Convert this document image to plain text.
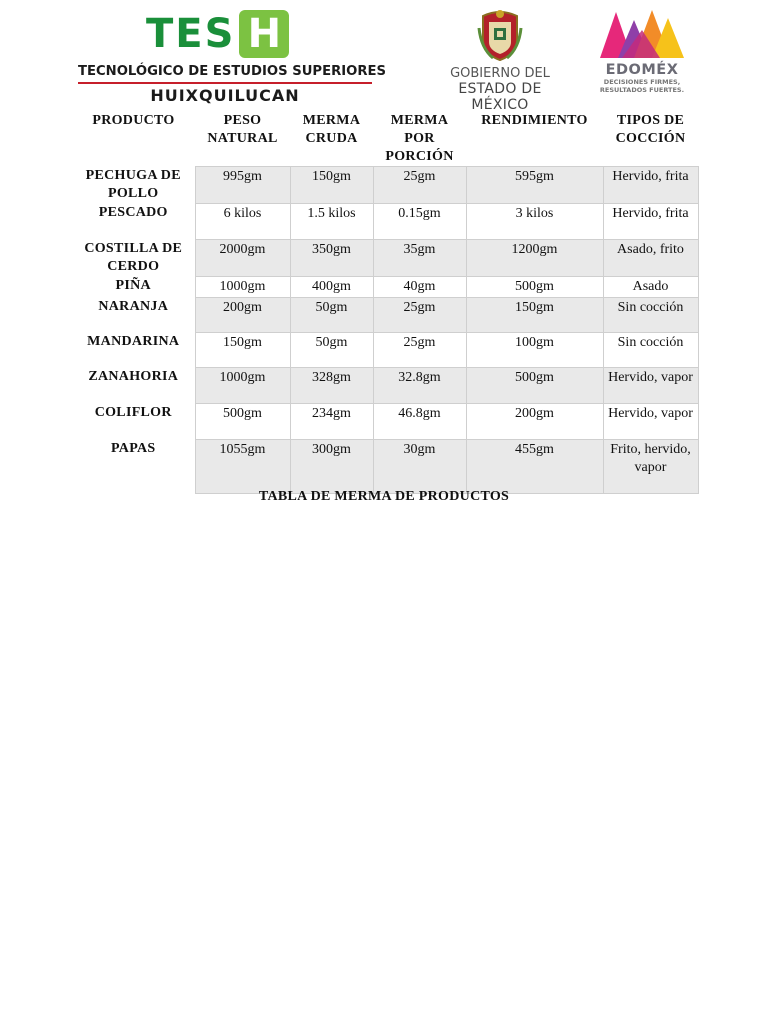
TES H
TECNOLÓGICO DE ESTUDIOS SUPERIORES
HUIXQUILUCAN
GOBIERNO DEL
ESTADO DE MÉXICO
EDOMÉX
DECISIONES FIRMES,
RESULTADOS FUERTES.
PRODUCTO	PESO NATURAL	MERMA CRUDA	MERMA POR PORCIÓN	RENDIMIENTO	TIPOS DE COCCIÓN
PECHUGA DE POLLO	995gm	150gm	25gm	595gm	Hervido, frita
PESCADO	6 kilos	1.5 kilos	0.15gm	3 kilos	Hervido, frita
COSTILLA DE CERDO	2000gm	350gm	35gm	1200gm	Asado, frito
PIÑA	1000gm	400gm	40gm	500gm	Asado
NARANJA	200gm	50gm	25gm	150gm	Sin cocción
MANDARINA	150gm	50gm	25gm	100gm	Sin cocción
ZANAHORIA	1000gm	328gm	32.8gm	500gm	Hervido, vapor
COLIFLOR	500gm	234gm	46.8gm	200gm	Hervido, vapor
PAPAS	1055gm	300gm	30gm	455gm	Frito, hervido, vapor
TABLA DE MERMA DE PRODUCTOS
